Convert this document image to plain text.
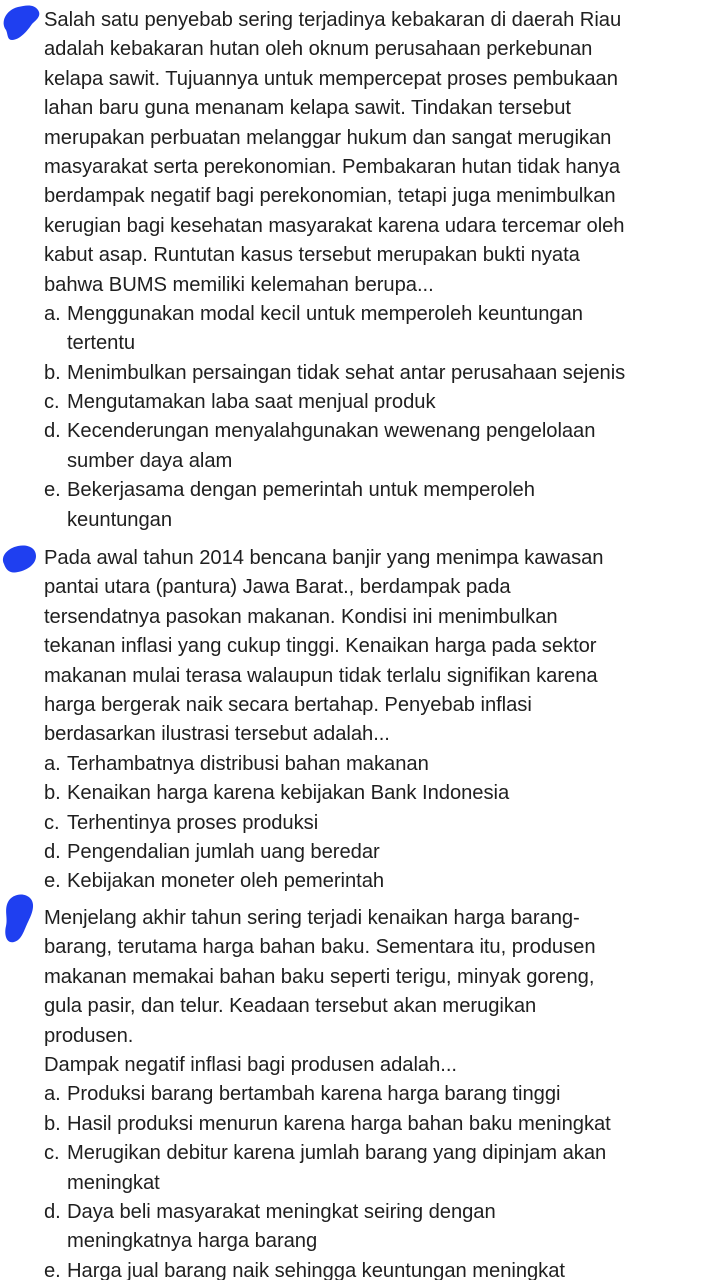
Salah satu penyebab sering terjadinya kebakaran di daerah Riau
adalah kebakaran hutan oleh oknum perusahaan perkebunan
kelapa sawit. Tujuannya untuk mempercepat proses pembukaan
lahan baru guna menanam kelapa sawit. Tindakan tersebut
merupakan perbuatan melanggar hukum dan sangat merugikan
masyarakat serta perekonomian. Pembakaran hutan tidak hanya
berdampak negatif bagi perekonomian, tetapi juga menimbulkan
kerugian bagi kesehatan masyarakat karena udara tercemar oleh
kabut asap. Runtutan kasus tersebut merupakan bukti nyata
bahwa BUMS memiliki kelemahan berupa...
a. Menggunakan modal kecil untuk memperoleh keuntungan
tertentu
b. Menimbulkan persaingan tidak sehat antar perusahaan sejenis
c. Mengutamakan laba saat menjual produk
d. Kecenderungan menyalahgunakan wewenang pengelolaan
sumber daya alam
e. Bekerjasama dengan pemerintah untuk memperoleh
keuntungan
Pada awal tahun 2014 bencana banjir yang menimpa kawasan
pantai utara (pantura) Jawa Barat., berdampak pada
tersendatnya pasokan makanan. Kondisi ini menimbulkan
tekanan inflasi yang cukup tinggi. Kenaikan harga pada sektor
makanan mulai terasa walaupun tidak terlalu signifikan karena
harga bergerak naik secara bertahap. Penyebab inflasi
berdasarkan ilustrasi tersebut adalah...
a. Terhambatnya distribusi bahan makanan
b. Kenaikan harga karena kebijakan Bank Indonesia
c. Terhentinya proses produksi
d. Pengendalian jumlah uang beredar
e. Kebijakan moneter oleh pemerintah
Menjelang akhir tahun sering terjadi kenaikan harga barang-
barang, terutama harga bahan baku. Sementara itu, produsen
makanan memakai bahan baku seperti terigu, minyak goreng,
gula pasir, dan telur. Keadaan tersebut akan merugikan
produsen.
Dampak negatif inflasi bagi produsen adalah...
a. Produksi barang bertambah karena harga barang tinggi
b. Hasil produksi menurun karena harga bahan baku meningkat
c. Merugikan debitur karena jumlah barang yang dipinjam akan
meningkat
d. Daya beli masyarakat meningkat seiring dengan
meningkatnya harga barang
e. Harga jual barang naik sehingga keuntungan meningkat
